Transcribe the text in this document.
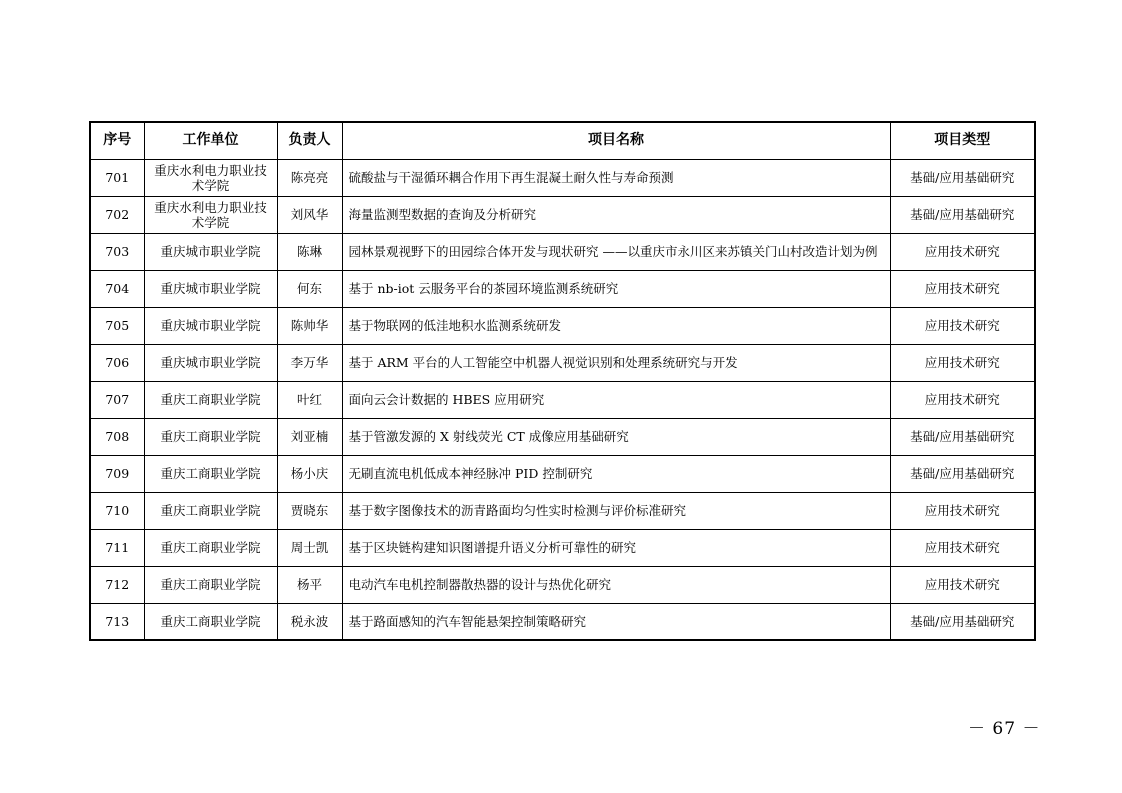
序号	工作单位	负责人	项目名称	项目类型
701	重庆水利电力职业技术学院	陈亮亮	硫酸盐与干湿循环耦合作用下再生混凝土耐久性与寿命预测	基础/应用基础研究
702	重庆水利电力职业技术学院	刘风华	海量监测型数据的查询及分析研究	基础/应用基础研究
703	重庆城市职业学院	陈琳	园林景观视野下的田园综合体开发与现状研究 ——以重庆市永川区来苏镇关门山村改造计划为例	应用技术研究
704	重庆城市职业学院	何东	基于 nb-iot 云服务平台的茶园环境监测系统研究	应用技术研究
705	重庆城市职业学院	陈帅华	基于物联网的低洼地积水监测系统研发	应用技术研究
706	重庆城市职业学院	李万华	基于 ARM 平台的人工智能空中机器人视觉识别和处理系统研究与开发	应用技术研究
707	重庆工商职业学院	叶红	面向云会计数据的 HBES 应用研究	应用技术研究
708	重庆工商职业学院	刘亚楠	基于管激发源的 X 射线荧光 CT 成像应用基础研究	基础/应用基础研究
709	重庆工商职业学院	杨小庆	无刷直流电机低成本神经脉冲 PID 控制研究	基础/应用基础研究
710	重庆工商职业学院	贾晓东	基于数字图像技术的沥青路面均匀性实时检测与评价标准研究	应用技术研究
711	重庆工商职业学院	周士凯	基于区块链构建知识图谱提升语义分析可靠性的研究	应用技术研究
712	重庆工商职业学院	杨平	电动汽车电机控制器散热器的设计与热优化研究	应用技术研究
713	重庆工商职业学院	税永波	基于路面感知的汽车智能悬架控制策略研究	基础/应用基础研究
－ 67 －
